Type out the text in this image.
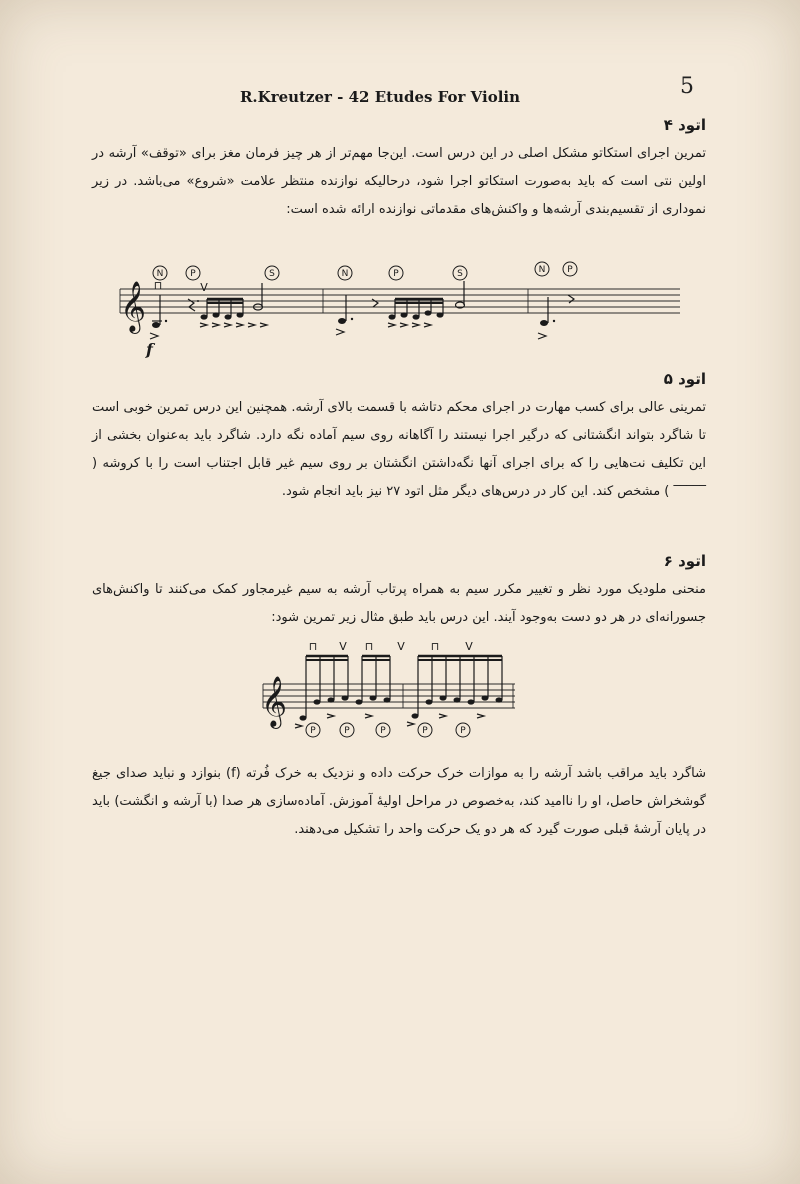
5
R.Kreutzer - 42 Etudes For Violin
اتود ۴

تمرین اجرای استکاتو مشکل اصلی در این درس است. این‌جا مهم‌تر از هر چیز فرمان مغز برای «توقف» آرشه در اولین نتی است که باید به‌صورت استکاتو اجرا شود، درحالیکه نوازنده منتظر علامت «شروع» می‌باشد. در زیر نموداری از تقسیم‌بندی آرشه‌ها و واکنش‌های مقدماتی نوازنده ارائه شده است:

𝄞
N	P	S	N	P	S	N P
⊓	V
f
اتود ۵

تمرینی عالی برای کسب مهارت در اجرای محکم دتاشه با قسمت بالای آرشه. همچنین این درس تمرین خوبی است تا شاگرد بتواند انگشتانی که درگیر اجرا نیستند را آگاهانه روی سیم آماده نگه دارد. شاگرد باید به‌عنوان بخشی از این تکلیف نت‌هایی را که برای اجرای آنها نگه‌داشتن انگشتان بر روی سیم غیر قابل اجتناب است را با کروشه ( ‾‾‾‾‾ ) مشخص کند. این کار در درس‌های دیگر مثل اتود ۲۷ نیز باید انجام شود.

اتود ۶

منحنی ملودیک مورد نظر و تغییر مکرر سیم به همراه پرتاب آرشه به سیم غیرمجاور کمک می‌کنند تا واکنش‌های جسورانه‌ای در هر دو دست به‌وجود آیند. این درس باید طبق مثال زیر تمرین شود:

𝄞
⊓ V ⊓ V ⊓ V
P	P	P	P	P

شاگرد باید مراقب باشد آرشه را به موازات خرک حرکت داده و نزدیک به خرک فُرته (f) بنوازد و نباید صدای جیغ گوشخراش حاصل، او را ناامید کند، به‌خصوص در مراحل اولیهٔ آموزش. آماده‌سازی هر صدا (با آرشه و انگشت) باید در پایان آرشهٔ قبلی صورت گیرد که هر دو یک حرکت واحد را تشکیل می‌دهند.
